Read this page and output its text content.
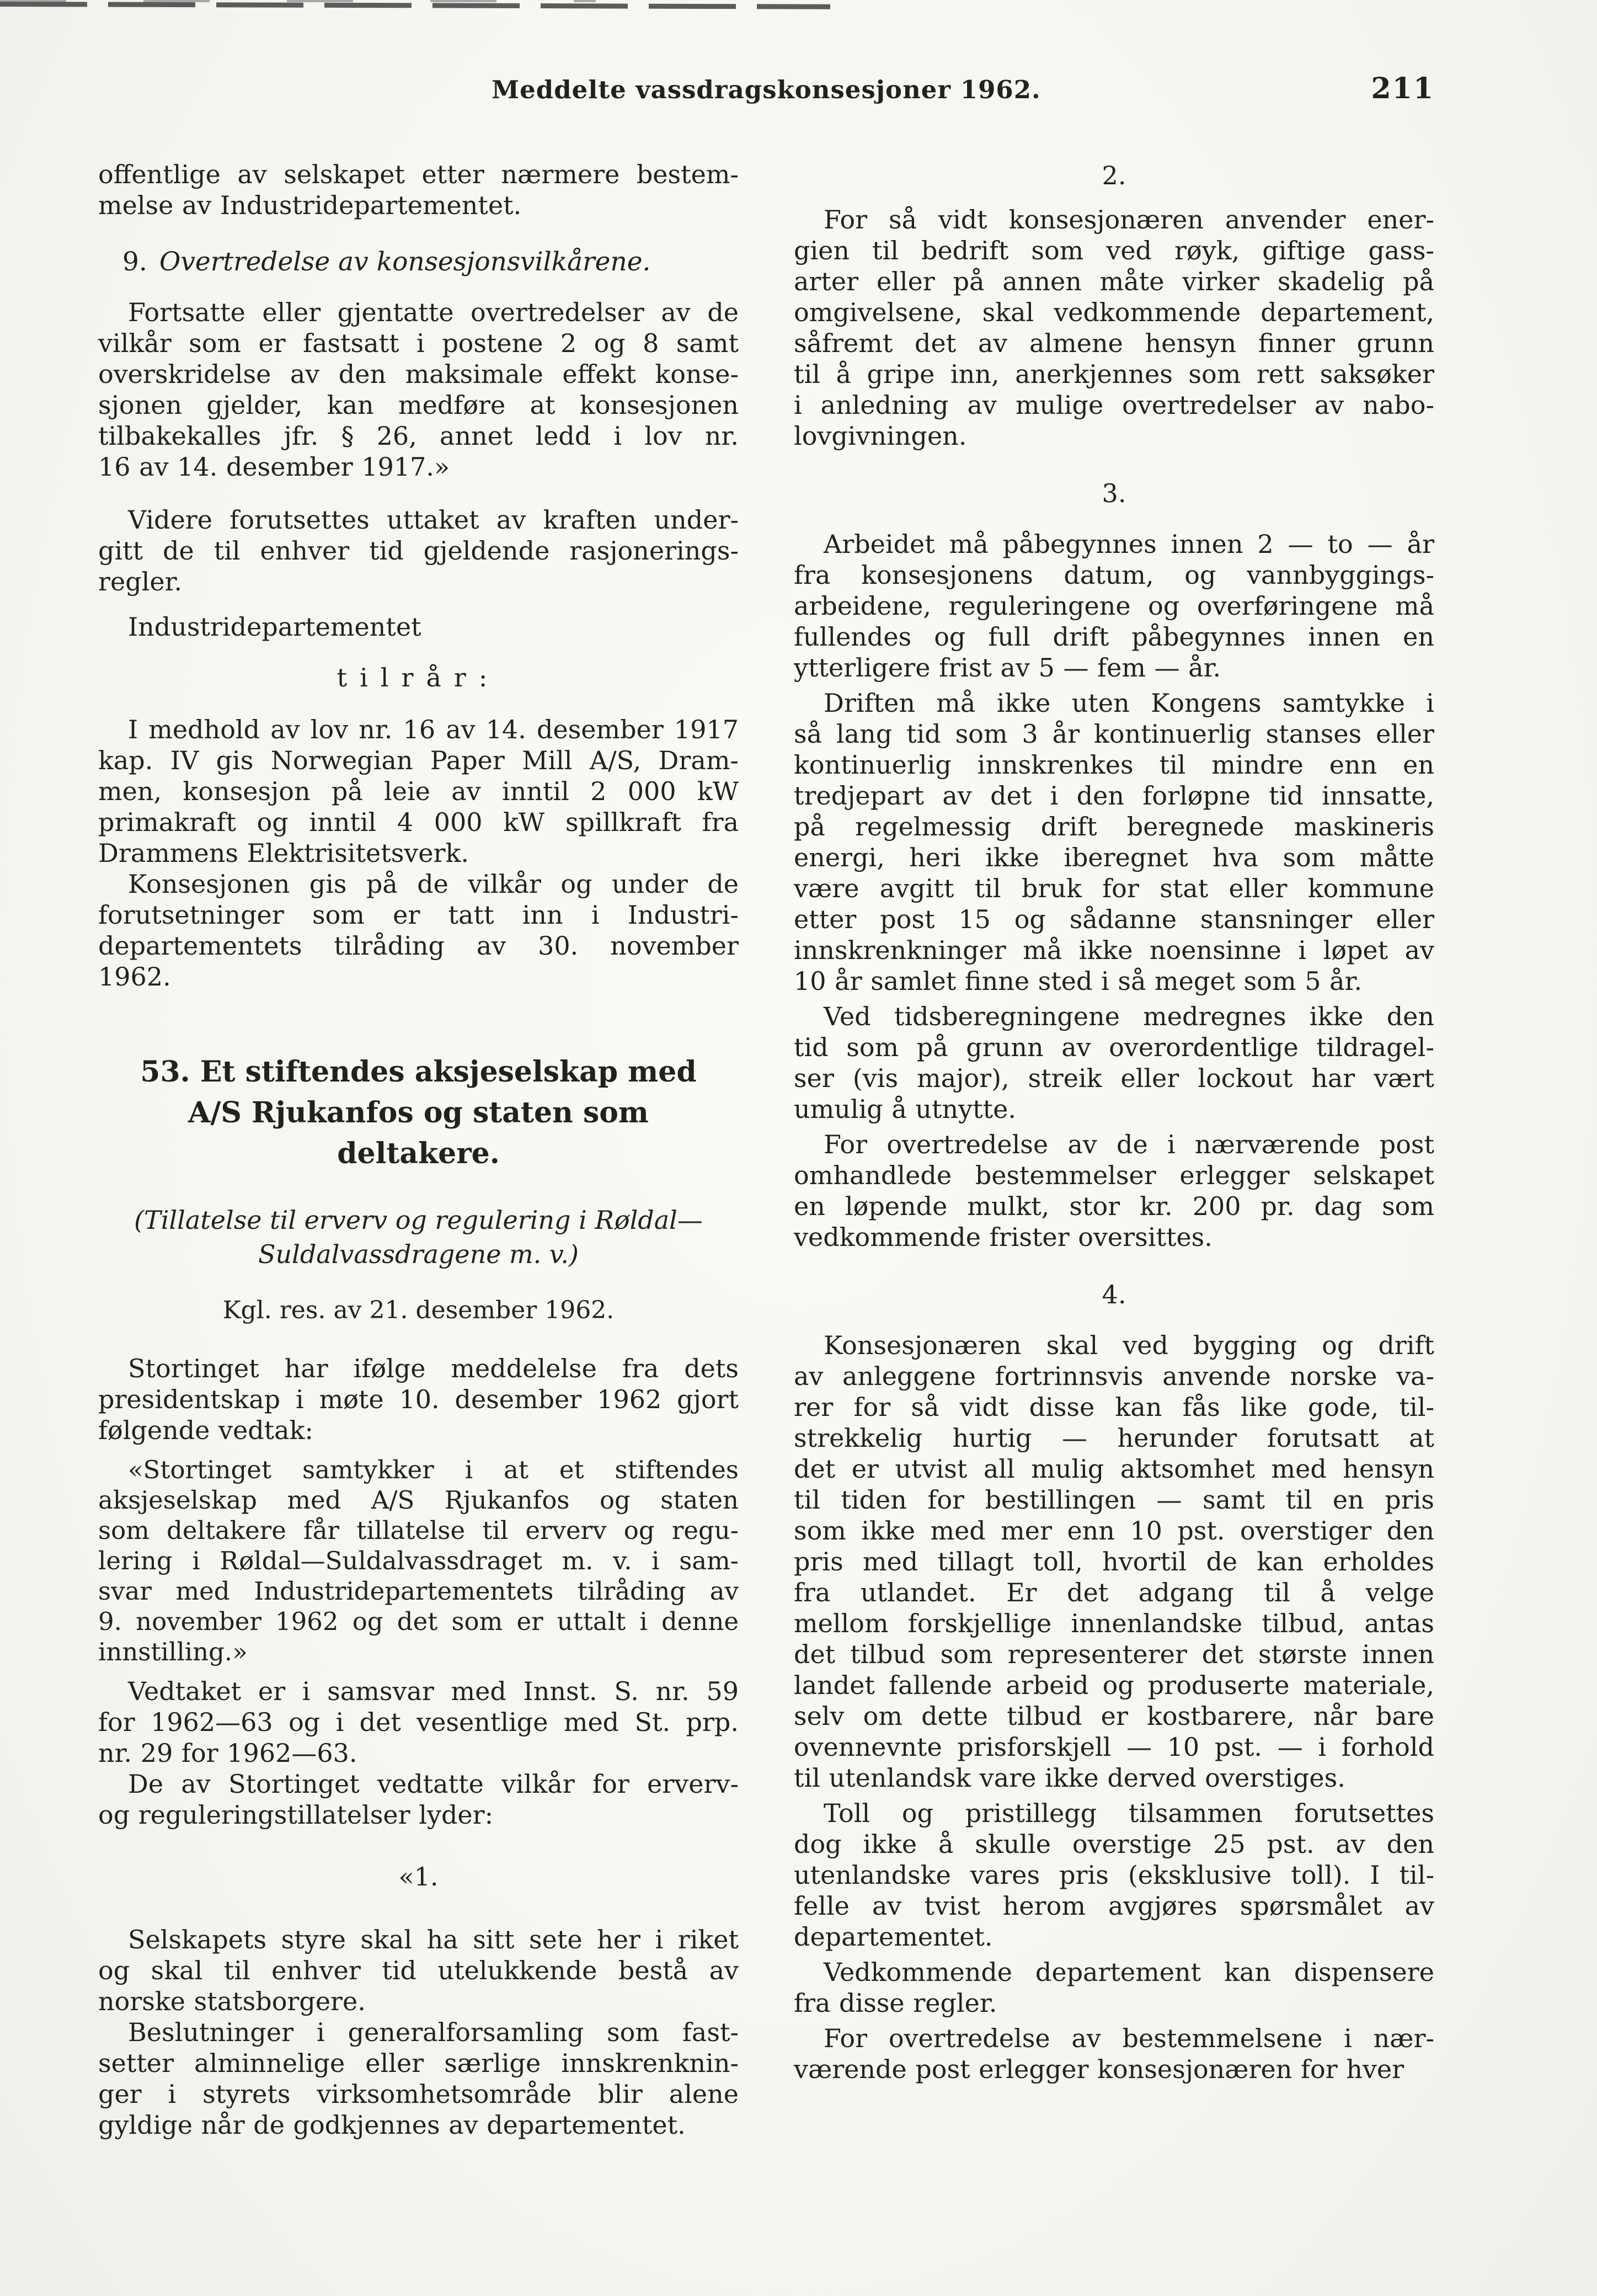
Meddelte vassdragskonsesjoner 1962.	211
offentlige av selskapet etter nærmere bestem-
melse av Industridepartementet.
9. Overtredelse av konsesjonsvilkårene.
Fortsatte eller gjentatte overtredelser av de
vilkår som er fastsatt i postene 2 og 8 samt
overskridelse av den maksimale effekt konse-
sjonen gjelder, kan medføre at konsesjonen
tilbakekalles jfr. § 26, annet ledd i lov nr.
16 av 14. desember 1917.»
Videre forutsettes uttaket av kraften under-
gitt de til enhver tid gjeldende rasjonerings-
regler.
Industridepartementet
tilrår:
I medhold av lov nr. 16 av 14. desember 1917
kap. IV gis Norwegian Paper Mill A/S, Dram-
men, konsesjon på leie av inntil 2 000 kW
primakraft og inntil 4 000 kW spillkraft fra
Drammens Elektrisitetsverk.
Konsesjonen gis på de vilkår og under de
forutsetninger som er tatt inn i Industri-
departementets tilråding av 30. november
1962.
53. Et stiftendes aksjeselskap med
A/S Rjukanfos og staten som
deltakere.
(Tillatelse til erverv og regulering i Røldal—
Suldalvassdragene m. v.)
Kgl. res. av 21. desember 1962.
Stortinget har ifølge meddelelse fra dets
presidentskap i møte 10. desember 1962 gjort
følgende vedtak:
«Stortinget samtykker i at et stiftendes
aksjeselskap med A/S Rjukanfos og staten
som deltakere får tillatelse til erverv og regu-
lering i Røldal—Suldalvassdraget m. v. i sam-
svar med Industridepartementets tilråding av
9. november 1962 og det som er uttalt i denne
innstilling.»
Vedtaket er i samsvar med Innst. S. nr. 59
for 1962—63 og i det vesentlige med St. prp.
nr. 29 for 1962—63.
De av Stortinget vedtatte vilkår for erverv-
og reguleringstillatelser lyder:
«1.
Selskapets styre skal ha sitt sete her i riket
og skal til enhver tid utelukkende bestå av
norske statsborgere.
Beslutninger i generalforsamling som fast-
setter alminnelige eller særlige innskrenknin-
ger i styrets virksomhetsområde blir alene
gyldige når de godkjennes av departementet.
2.
For så vidt konsesjonæren anvender ener-
gien til bedrift som ved røyk, giftige gass-
arter eller på annen måte virker skadelig på
omgivelsene, skal vedkommende departement,
såfremt det av almene hensyn finner grunn
til å gripe inn, anerkjennes som rett saksøker
i anledning av mulige overtredelser av nabo-
lovgivningen.
3.
Arbeidet må påbegynnes innen 2 — to — år
fra konsesjonens datum, og vannbyggings-
arbeidene, reguleringene og overføringene må
fullendes og full drift påbegynnes innen en
ytterligere frist av 5 — fem — år.
Driften må ikke uten Kongens samtykke i
så lang tid som 3 år kontinuerlig stanses eller
kontinuerlig innskrenkes til mindre enn en
tredjepart av det i den forløpne tid innsatte,
på regelmessig drift beregnede maskineris
energi, heri ikke iberegnet hva som måtte
være avgitt til bruk for stat eller kommune
etter post 15 og sådanne stansninger eller
innskrenkninger må ikke noensinne i løpet av
10 år samlet finne sted i så meget som 5 år.
Ved tidsberegningene medregnes ikke den
tid som på grunn av overordentlige tildragel-
ser (vis major), streik eller lockout har vært
umulig å utnytte.
For overtredelse av de i nærværende post
omhandlede bestemmelser erlegger selskapet
en løpende mulkt, stor kr. 200 pr. dag som
vedkommende frister oversittes.
4.
Konsesjonæren skal ved bygging og drift
av anleggene fortrinnsvis anvende norske va-
rer for så vidt disse kan fås like gode, til-
strekkelig hurtig — herunder forutsatt at
det er utvist all mulig aktsomhet med hensyn
til tiden for bestillingen — samt til en pris
som ikke med mer enn 10 pst. overstiger den
pris med tillagt toll, hvortil de kan erholdes
fra utlandet. Er det adgang til å velge
mellom forskjellige innenlandske tilbud, antas
det tilbud som representerer det største innen
landet fallende arbeid og produserte materiale,
selv om dette tilbud er kostbarere, når bare
ovennevnte prisforskjell — 10 pst. — i forhold
til utenlandsk vare ikke derved overstiges.
Toll og pristillegg tilsammen forutsettes
dog ikke å skulle overstige 25 pst. av den
utenlandske vares pris (eksklusive toll). I til-
felle av tvist herom avgjøres spørsmålet av
departementet.
Vedkommende departement kan dispensere
fra disse regler.
For overtredelse av bestemmelsene i nær-
værende post erlegger konsesjonæren for hver
